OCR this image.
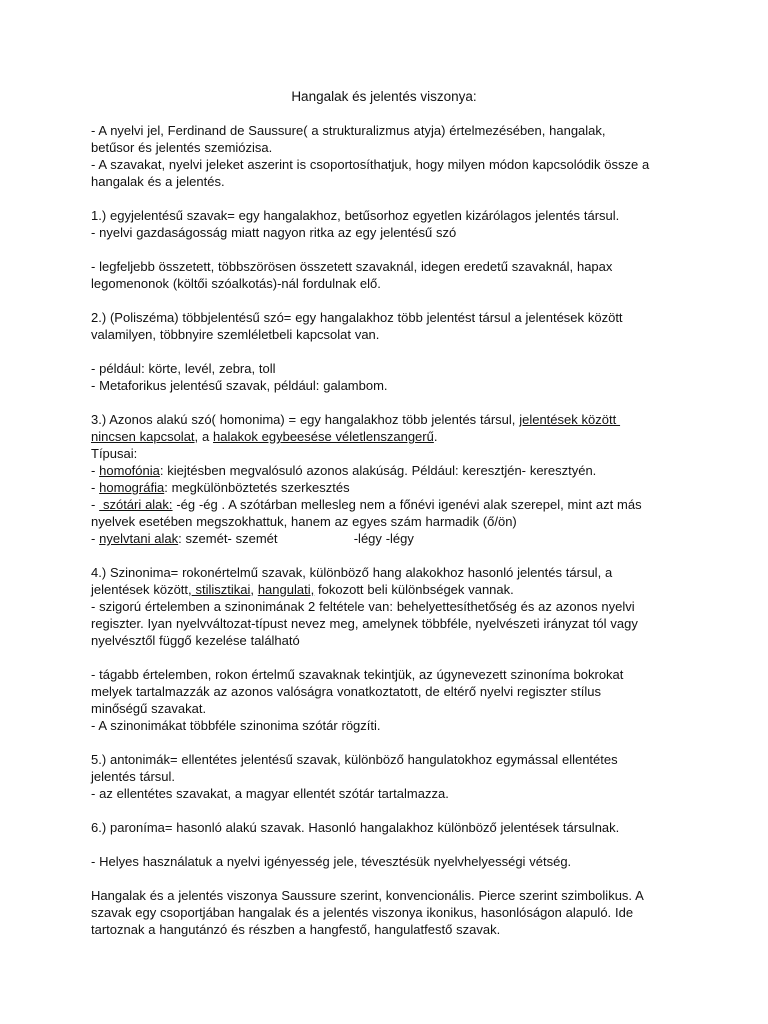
Hangalak és jelentés viszonya:
- A nyelvi jel, Ferdinand de Saussure( a strukturalizmus atyja) értelmezésében, hangalak,
betűsor és jelentés szemiózisa.
- A szavakat, nyelvi jeleket aszerint is csoportosíthatjuk, hogy milyen módon kapcsolódik össze a
hangalak és a jelentés.
1.) egyjelentésű szavak= egy hangalakhoz, betűsorhoz egyetlen kizárólagos jelentés társul.
- nyelvi gazdaságosság miatt nagyon ritka az egy jelentésű szó
- legfeljebb összetett, többszörösen összetett szavaknál, idegen eredetű szavaknál, hapax
legomenonok (költői szóalkotás)-nál fordulnak elő.
2.) (Poliszéma) többjelentésű szó= egy hangalakhoz több jelentést társul a jelentések között
valamilyen, többnyire szemléletbeli kapcsolat van.
- például: körte, levél, zebra, toll
- Metaforikus jelentésű szavak, például: galambom.
3.) Azonos alakú szó( homonima) = egy hangalakhoz több jelentés társul, jelentések között
nincsen kapcsolat, a halakok egybeesése véletlenszangerű.
Típusai:
- homofónia: kiejtésben megvalósuló azonos alakúság. Például: keresztjén- keresztyén.
- homográfia: megkülönböztetés szerkesztés
-  szótári alak: -ég -ég . A szótárban mellesleg nem a főnévi igenévi alak szerepel, mint azt más
nyelvek esetében megszokhattuk, hanem az egyes szám harmadik (ő/ön)
- nyelvtani alak: szemét- szemét                    -légy -légy
4.) Szinonima= rokonértelmű szavak, különböző hang alakokhoz hasonló jelentés társul, a
jelentések között, stilisztikai, hangulati, fokozott beli különbségek vannak.
- szigorú értelemben a szinonimának 2 feltétele van: behelyettesíthetőség és az azonos nyelvi
regiszter. Iyan nyelvváltozat-típust nevez meg, amelynek többféle, nyelvészeti irányzat tól vagy
nyelvésztől függő kezelése található
- tágabb értelemben, rokon értelmű szavaknak tekintjük, az úgynevezett szinoníma bokrokat
melyek tartalmazzák az azonos valóságra vonatkoztatott, de eltérő nyelvi regiszter stílus
minőségű szavakat.
- A szinonimákat többféle szinonima szótár rögzíti.
5.) antonimák= ellentétes jelentésű szavak, különböző hangulatokhoz egymással ellentétes
jelentés társul.
- az ellentétes szavakat, a magyar ellentét szótár tartalmazza.
6.) paroníma= hasonló alakú szavak. Hasonló hangalakhoz különböző jelentések társulnak.
- Helyes használatuk a nyelvi igényesség jele, tévesztésük nyelvhelyességi vétség.
Hangalak és a jelentés viszonya Saussure szerint, konvencionális. Pierce szerint szimbolikus. A
szavak egy csoportjában hangalak és a jelentés viszonya ikonikus, hasonlóságon alapuló. Ide
tartoznak a hangutánzó és részben a hangfestő, hangulatfestő szavak.
